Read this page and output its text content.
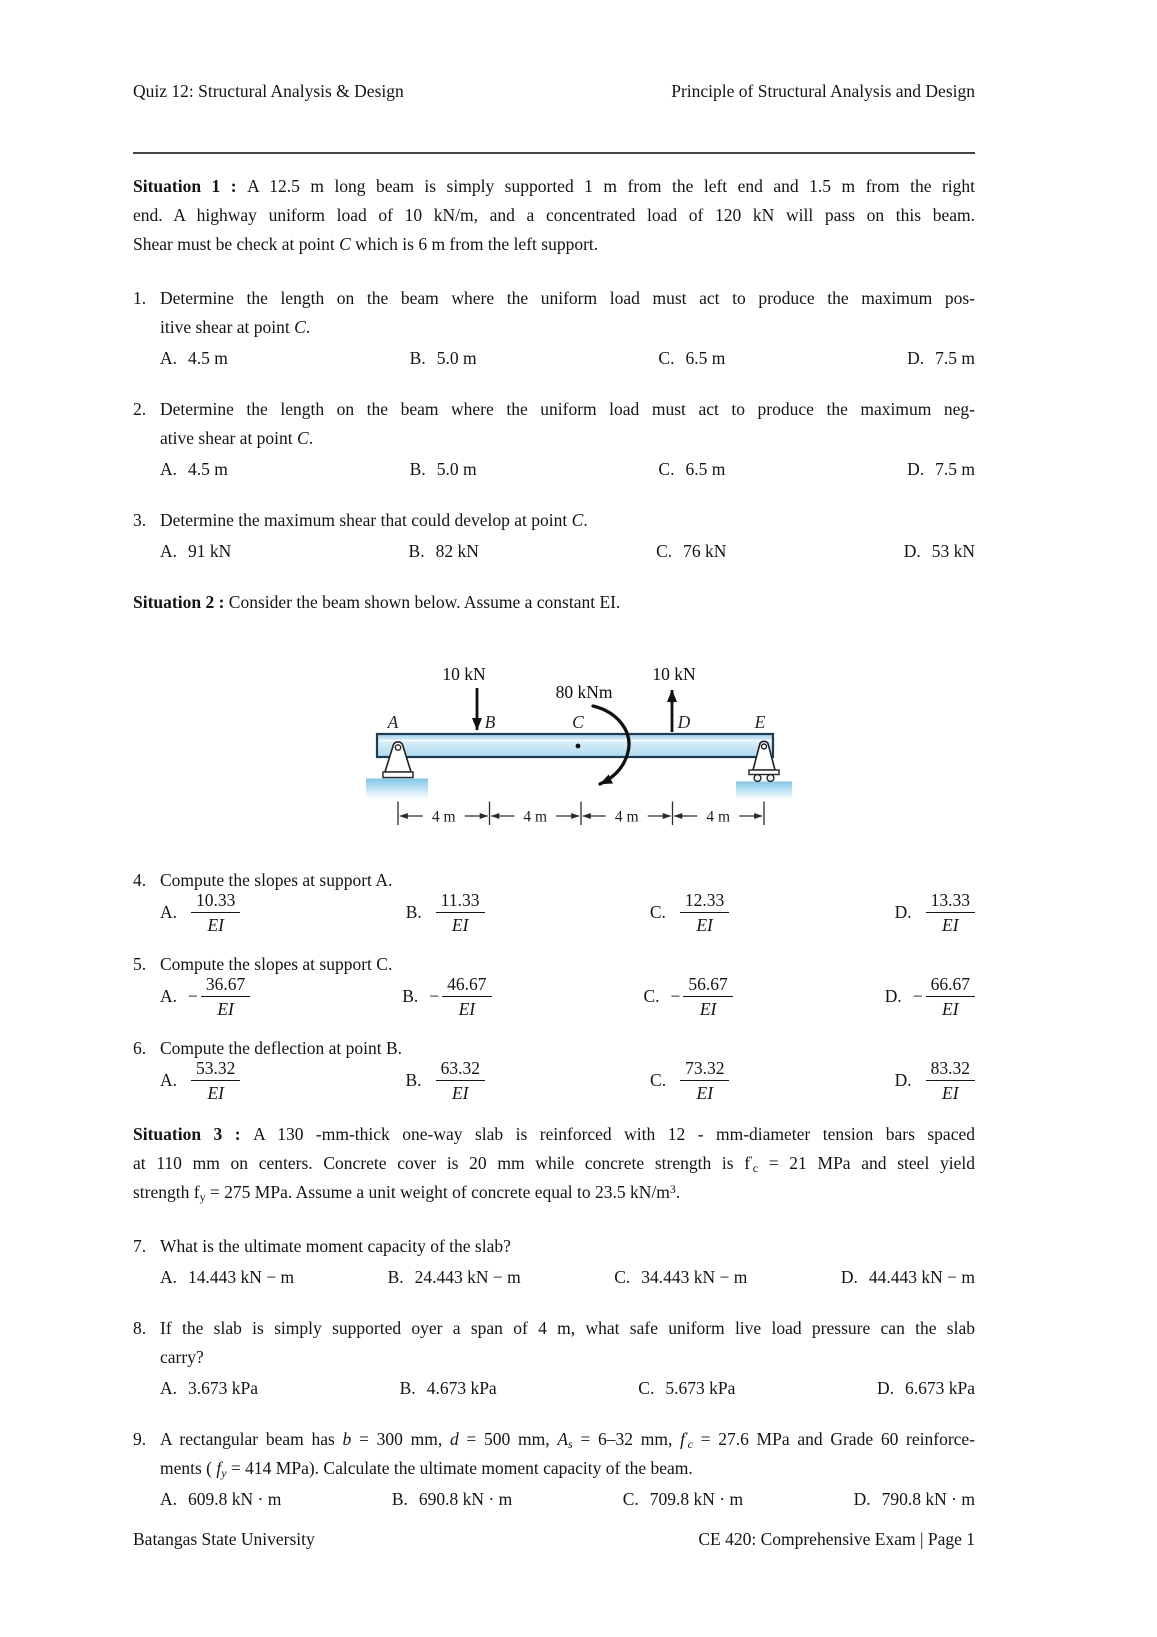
Quiz 12: Structural Analysis & Design	Principle of Structural Analysis and Design
Situation 1 : A 12.5 m long beam is simply supported 1 m from the left end and 1.5 m from the right
end. A highway uniform load of 10 kN/m, and a concentrated load of 120 kN will pass on this beam.
Shear must be check at point C which is 6 m from the left support.
1. Determine the length on the beam where the uniform load must act to produce the maximum pos-
itive shear at point C.
A. 4.5 m	B. 5.0 m	C. 6.5 m	D. 7.5 m
2. Determine the length on the beam where the uniform load must act to produce the maximum neg-
ative shear at point C.
A. 4.5 m	B. 5.0 m	C. 6.5 m	D. 7.5 m
3. Determine the maximum shear that could develop at point C.
A. 91 kN	B. 82 kN	C. 76 kN	D. 53 kN
Situation 2 : Consider the beam shown below. Assume a constant EI.
A	B	C	D	E
10 kN
80 kNm
10 kN
4 m	4 m	4 m	4 m
4. Compute the slopes at support A.
A. $\frac{10.33}{EI}$	B. $\frac{11.33}{EI}$	C. $\frac{12.33}{EI}$	D. $\frac{13.33}{EI}$
5. Compute the slopes at support C.
A. − $\frac{36.67}{EI}$	B. − $\frac{46.67}{EI}$	C. − $\frac{56.67}{EI}$	D. − $\frac{66.67}{EI}$
6. Compute the deflection at point B.
A. $\frac{53.32}{EI}$	B. $\frac{63.32}{EI}$	C. $\frac{73.32}{EI}$	D. $\frac{83.32}{EI}$
Situation 3 : A 130 -mm-thick one-way slab is reinforced with 12 - mm-diameter tension bars spaced
at 110 mm on centers. Concrete cover is 20 mm while concrete strength is $f'_c = 21$ MPa and steel yield
strength $f_y = 275$ MPa. Assume a unit weight of concrete equal to 23.5 $kN/m^3$.
7. What is the ultimate moment capacity of the slab?
A. 14.443 kN − m	B. 24.443 kN − m	C. 34.443 kN − m	D. 44.443 kN − m
8. If the slab is simply supported oyer a span of 4 m, what safe uniform live load pressure can the slab
carry?
A. 3.673 kPa	B. 4.673 kPa	C. 5.673 kPa	D. 6.673 kPa
9. A rectangular beam has b = 300 mm, d = 500 mm, $A_s = 6-32$ mm, $f'_c = 27.6$ MPa and Grade 60 reinforce-
ments ( $f_y = 414$ MPa). Calculate the ultimate moment capacity of the beam.
A. 609.8 kN · m	B. 690.8 kN · m	C. 709.8 kN · m	D. 790.8 kN · m
Batangas State University	CE 420: Comprehensive Exam | Page 1
